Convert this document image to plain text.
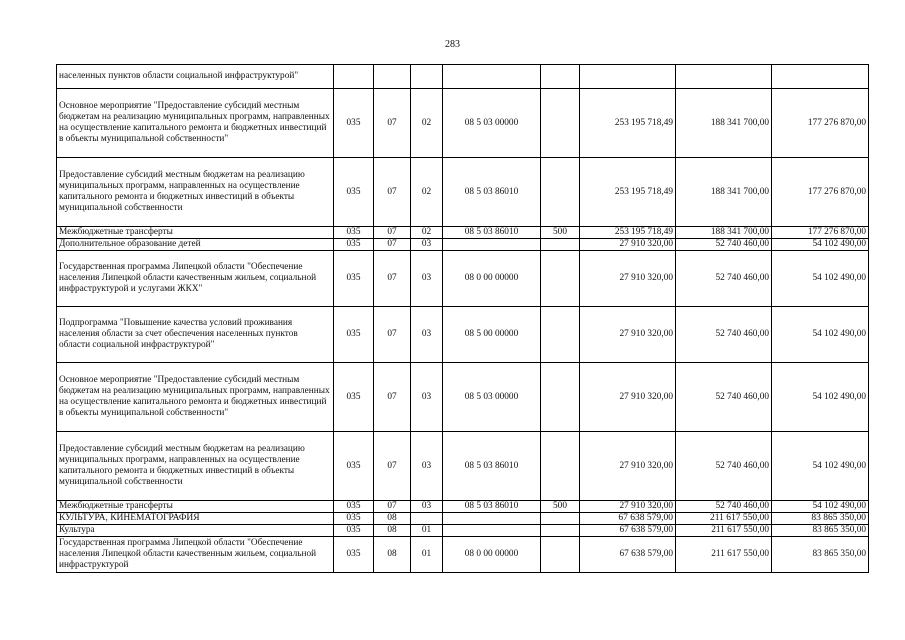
283
населенных пунктов области социальной инфраструктурой"								
Основное мероприятие "Предоставление субсидий местным бюджетам на реализацию муниципальных программ, направленных на осуществление капитального ремонта и бюджетных инвестиций в объекты муниципальной собственности"	035	07	02	08 5 03 00000		253 195 718,49	188 341 700,00	177 276 870,00
Предоставление субсидий местным бюджетам на реализацию муниципальных программ, направленных на осуществление капитального ремонта и бюджетных инвестиций в объекты муниципальной собственности	035	07	02	08 5 03 86010		253 195 718,49	188 341 700,00	177 276 870,00
Межбюджетные трансферты	035	07	02	08 5 03 86010	500	253 195 718,49	188 341 700,00	177 276 870,00
Дополнительное образование детей	035	07	03			27 910 320,00	52 740 460,00	54 102 490,00
Государственная программа Липецкой области "Обеспечение населения Липецкой области качественным жильем, социальной инфраструктурой и услугами ЖКХ"	035	07	03	08 0 00 00000		27 910 320,00	52 740 460,00	54 102 490,00
Подпрограмма "Повышение качества условий проживания населения области за счет обеспечения населенных пунктов области социальной инфраструктурой"	035	07	03	08 5 00 00000		27 910 320,00	52 740 460,00	54 102 490,00
Основное мероприятие "Предоставление субсидий местным бюджетам на реализацию муниципальных программ, направленных на осуществление капитального ремонта и бюджетных инвестиций в объекты муниципальной собственности"	035	07	03	08 5 03 00000		27 910 320,00	52 740 460,00	54 102 490,00
Предоставление субсидий местным бюджетам на реализацию муниципальных программ, направленных на осуществление капитального ремонта и бюджетных инвестиций в объекты муниципальной собственности	035	07	03	08 5 03 86010		27 910 320,00	52 740 460,00	54 102 490,00
Межбюджетные трансферты	035	07	03	08 5 03 86010	500	27 910 320,00	52 740 460,00	54 102 490,00
КУЛЬТУРА, КИНЕМАТОГРАФИЯ	035	08				67 638 579,00	211 617 550,00	83 865 350,00
Культура	035	08	01			67 638 579,00	211 617 550,00	83 865 350,00
Государственная программа Липецкой области "Обеспечение населения Липецкой области качественным жильем, социальной инфраструктурой	035	08	01	08 0 00 00000		67 638 579,00	211 617 550,00	83 865 350,00
